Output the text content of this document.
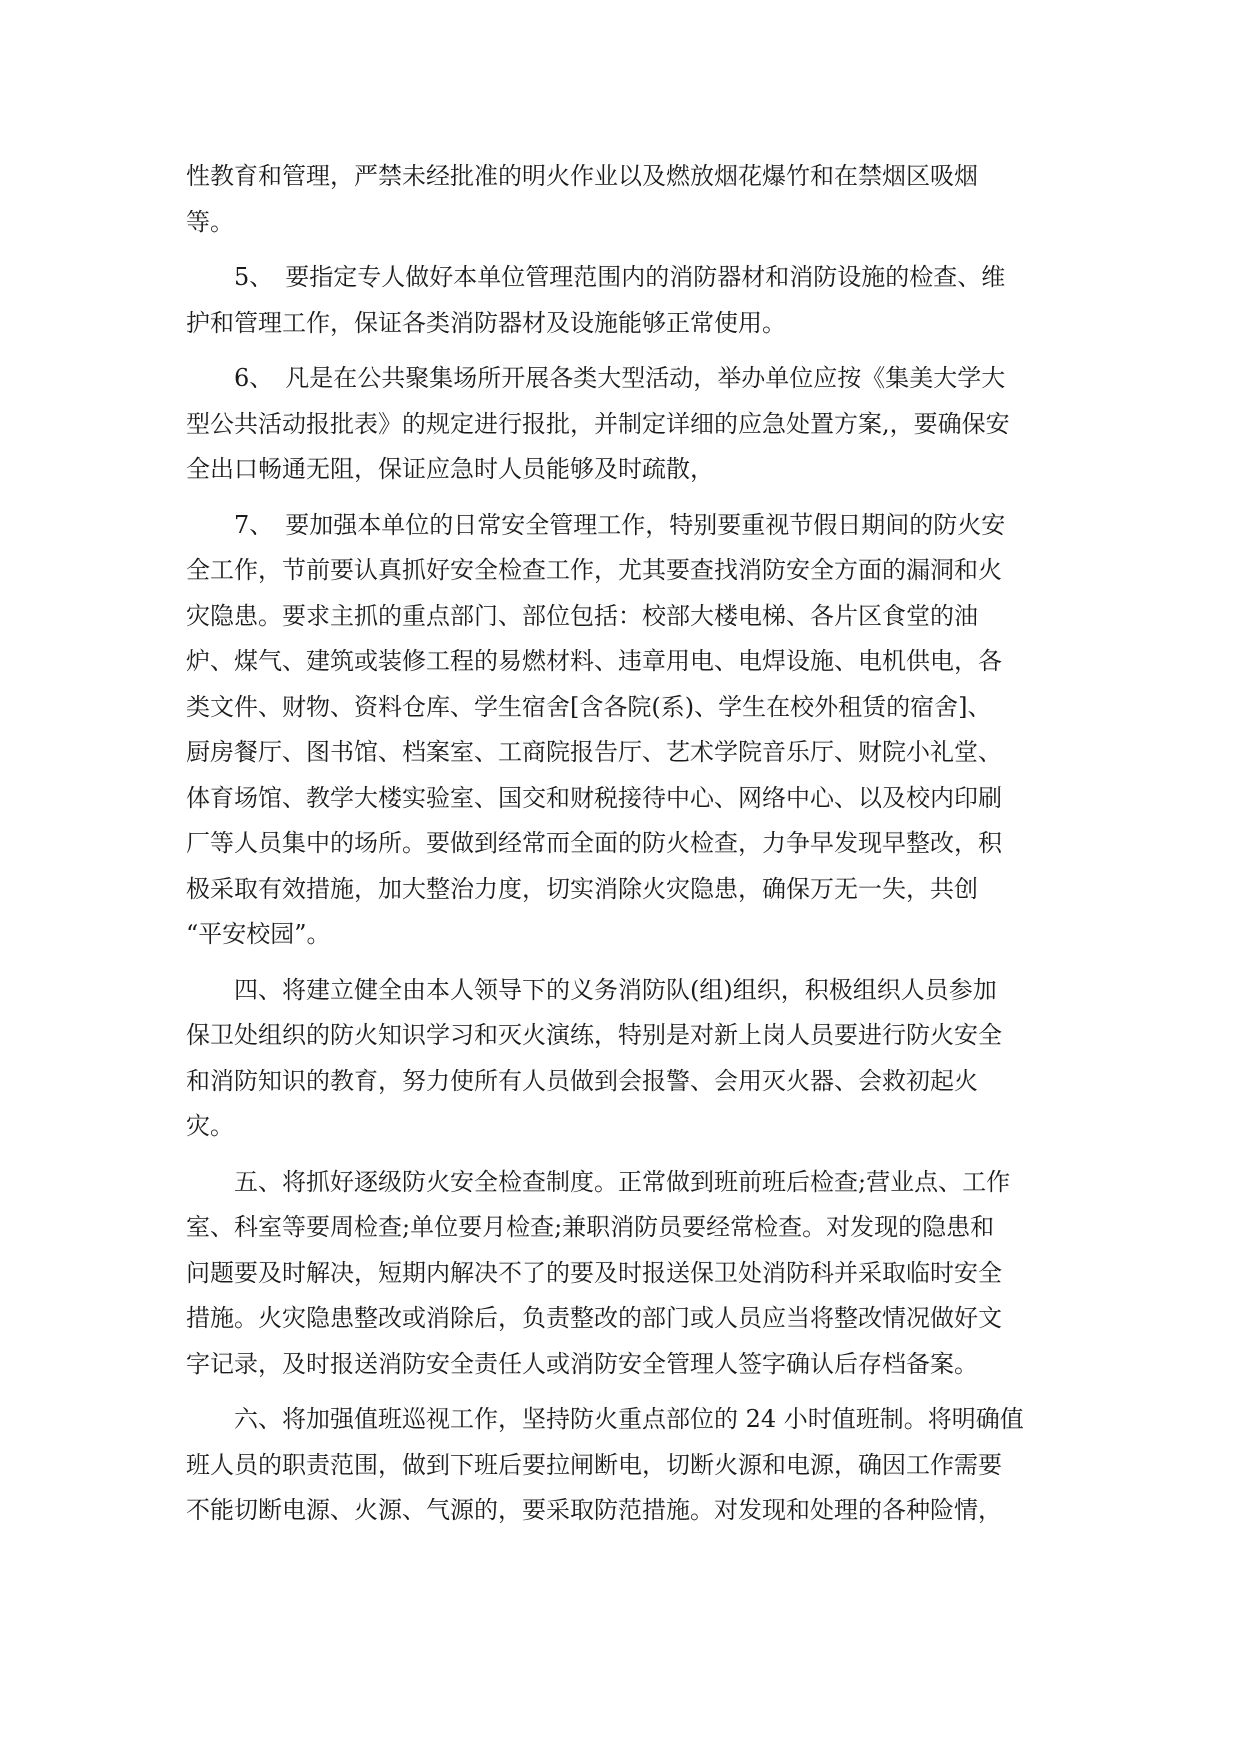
性教育和管理，严禁未经批准的明火作业以及燃放烟花爆竹和在禁烟区吸烟
等。
　　5、　要指定专人做好本单位管理范围内的消防器材和消防设施的检查、维
护和管理工作，保证各类消防器材及设施能够正常使用。
　　6、　凡是在公共聚集场所开展各类大型活动，举办单位应按《集美大学大
型公共活动报批表》的规定进行报批，并制定详细的应急处置方案,，要确保安
全出口畅通无阻，保证应急时人员能够及时疏散，
　　7、　要加强本单位的日常安全管理工作，特别要重视节假日期间的防火安
全工作，节前要认真抓好安全检查工作，尤其要查找消防安全方面的漏洞和火
灾隐患。要求主抓的重点部门、部位包括：校部大楼电梯、各片区食堂的油
炉、煤气、建筑或装修工程的易燃材料、违章用电、电焊设施、电机供电，各
类文件、财物、资料仓库、学生宿舍[含各院(系)、学生在校外租赁的宿舍]、
厨房餐厅、图书馆、档案室、工商院报告厅、艺术学院音乐厅、财院小礼堂、
体育场馆、教学大楼实验室、国交和财税接待中心、网络中心、以及校内印刷
厂等人员集中的场所。要做到经常而全面的防火检查，力争早发现早整改，积
极采取有效措施，加大整治力度，切实消除火灾隐患，确保万无一失，共创
“平安校园”。
　　四、将建立健全由本人领导下的义务消防队(组)组织，积极组织人员参加
保卫处组织的防火知识学习和灭火演练，特别是对新上岗人员要进行防火安全
和消防知识的教育，努力使所有人员做到会报警、会用灭火器、会救初起火
灾。
　　五、将抓好逐级防火安全检查制度。正常做到班前班后检查;营业点、工作
室、科室等要周检查;单位要月检查;兼职消防员要经常检查。对发现的隐患和
问题要及时解决，短期内解决不了的要及时报送保卫处消防科并采取临时安全
措施。火灾隐患整改或消除后，负责整改的部门或人员应当将整改情况做好文
字记录，及时报送消防安全责任人或消防安全管理人签字确认后存档备案。
　　六、将加强值班巡视工作，坚持防火重点部位的 24 小时值班制。将明确值
班人员的职责范围，做到下班后要拉闸断电，切断火源和电源，确因工作需要
不能切断电源、火源、气源的，要采取防范措施。对发现和处理的各种险情，
